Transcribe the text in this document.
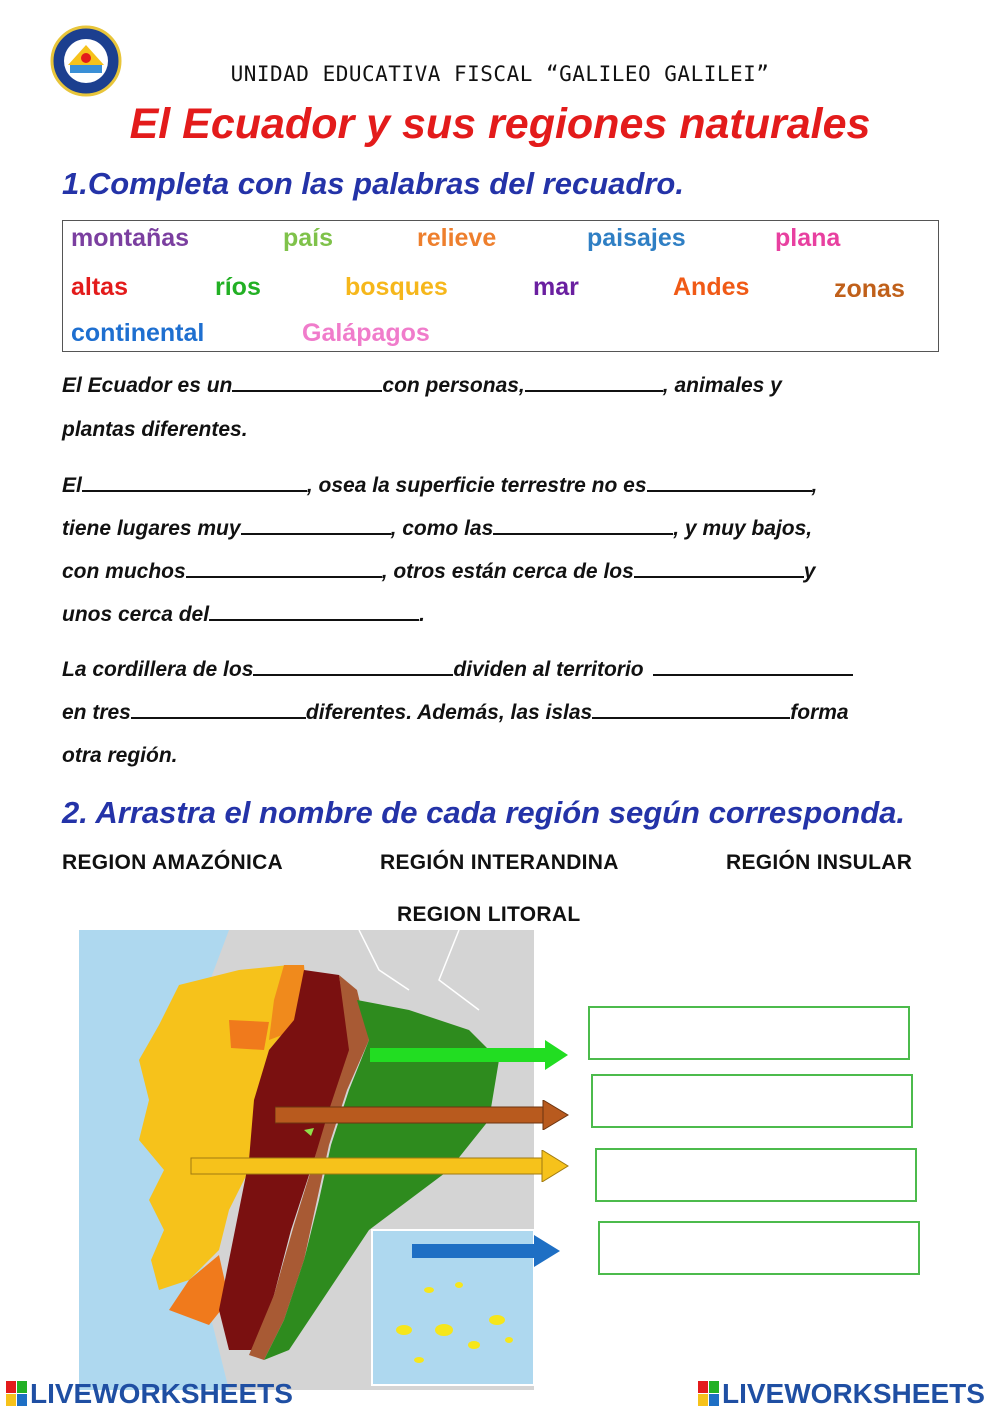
UNIDAD EDUCATIVA FISCAL “GALILEO GALILEI”
El Ecuador y sus regiones naturales
1.Completa con las palabras del recuadro.
montañas	país	relieve	paisajes	plana
altas	ríos	bosques	mar	Andes	zonas
continental	Galápagos
El Ecuador es un	con personas,	, animales y
plantas diferentes.
El	, osea la superficie terrestre no es	,
tiene lugares muy	, como las	, y muy bajos,
con muchos	, otros están cerca de los	y
unos cerca del	.
La cordillera de los	dividen al territorio
en tres	diferentes. Además, las islas	forma
otra región.
2. Arrastra el nombre de cada región según corresponda.
REGION AMAZÓNICA	REGIÓN INTERANDINA	REGIÓN INSULAR
REGION LITORAL
LIVEWORKSHEETS	LIVEWORKSHEETS
